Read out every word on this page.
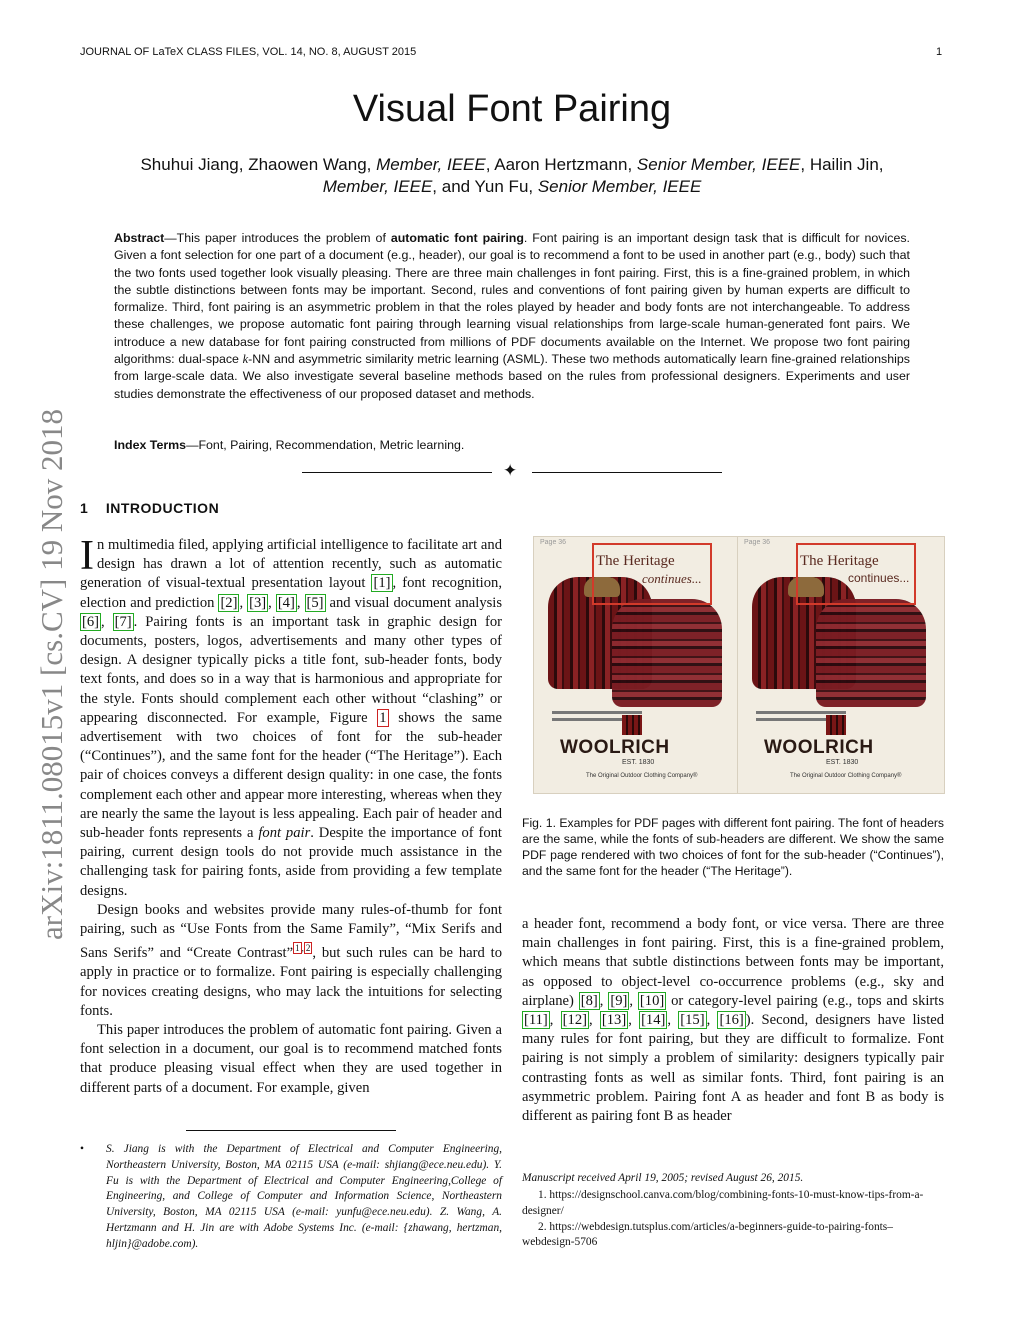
JOURNAL OF LaTeX CLASS FILES, VOL. 14, NO. 8, AUGUST 2015	1
Visual Font Pairing
Shuhui Jiang, Zhaowen Wang, Member, IEEE, Aaron Hertzmann, Senior Member, IEEE, Hailin Jin,
Member, IEEE, and Yun Fu, Senior Member, IEEE
Abstract—This paper introduces the problem of automatic font pairing. Font pairing is an important design task that is difficult for novices. Given a font selection for one part of a document (e.g., header), our goal is to recommend a font to be used in another part (e.g., body) such that the two fonts used together look visually pleasing. There are three main challenges in font pairing. First, this is a fine-grained problem, in which the subtle distinctions between fonts may be important. Second, rules and conventions of font pairing given by human experts are difficult to formalize. Third, font pairing is an asymmetric problem in that the roles played by header and body fonts are not interchangeable. To address these challenges, we propose automatic font pairing through learning visual relationships from large-scale human-generated font pairs. We introduce a new database for font pairing constructed from millions of PDF documents available on the Internet. We propose two font pairing algorithms: dual-space k-NN and asymmetric similarity metric learning (ASML). These two methods automatically learn fine-grained relationships from large-scale data. We also investigate several baseline methods based on the rules from professional designers. Experiments and user studies demonstrate the effectiveness of our proposed dataset and methods.
Index Terms—Font, Pairing, Recommendation, Metric learning.
✦
1 INTRODUCTION

In multimedia filed, applying artificial intelligence to facilitate art and design has drawn a lot of attention recently, such as automatic generation of visual-textual presentation layout [1] , font recognition, election and prediction [2] , [3] , [4] , [5] and visual document analysis [6] , [7] . Pairing fonts is an important task in graphic design for documents, posters, logos, advertisements and many other types of design. A designer typically picks a title font, sub-header fonts, body text fonts, and does so in a way that is harmonious and appropriate for the style. Fonts should complement each other without “clashing” or appearing disconnected. For example, Figure 1 shows the same advertisement with two choices of font for the sub-header (“Continues”), and the same font for the header (“The Heritage”). Each pair of choices conveys a different design quality: in one case, the fonts complement each other and appear more interesting, whereas when they are nearly the same the layout is less appealing. Each pair of header and sub-header fonts represents a font pair. Despite the importance of font pairing, current design tools do not provide much assistance in the challenging task for pairing fonts, aside from providing a few template designs.

Design books and websites provide many rules-of-thumb for font pairing, such as “Use Fonts from the Same Family”, “Mix Serifs and Sans Serifs” and “Create Contrast” $^1$ , $^2$ , but such rules can be hard to apply in practice or to formalize. Font pairing is especially challenging for novices creating designs, who may lack the intuitions for selecting fonts.

This paper introduces the problem of automatic font pairing. Given a font selection in a document, our goal is to recommend matched fonts that produce pleasing visual effect when they are used together in different parts of a document. For example, given

• S. Jiang is with the Department of Electrical and Computer Engineering, Northeastern University, Boston, MA 02115 USA (e-mail: shjiang@ece.neu.edu). Y. Fu is with the Department of Electrical and Computer Engineering,College of Engineering, and College of Computer and Information Science, Northeastern University, Boston, MA 02115 USA (e-mail: yunfu@ece.neu.edu). Z. Wang, A. Hertzmann and H. Jin are with Adobe Systems Inc. (e-mail: {zhawang, hertzman, hljin}@adobe.com).
Page 36
The Heritage
continues...
WOOLRICH
EST. 1830
The Original Outdoor Clothing Company®
Page 36
The Heritage
continues...
WOOLRICH
EST. 1830
The Original Outdoor Clothing Company®
Fig. 1. Examples for PDF pages with different font pairing. The font of headers are the same, while the fonts of sub-headers are different. We show the same PDF page rendered with two choices of font for the sub-header (“Continues”), and the same font for the header (“The Heritage”).
a header font, recommend a body font, or vice versa. There are three main challenges in font pairing. First, this is a fine-grained problem, which means that subtle distinctions between fonts may be important, as opposed to object-level co-occurrence problems (e.g., sky and airplane) [8] , [9] , [10] or category-level pairing (e.g., tops and skirts [11] , [12] , [13] , [14] , [15] , [16] ). Second, designers have listed many rules for font pairing, but they are difficult to formalize. Font pairing is not simply a problem of similarity: designers typically pair contrasting fonts as well as similar fonts. Third, font pairing is an asymmetric problem. Pairing font A as header and font B as body is different as pairing font B as header
Manuscript received April 19, 2005; revised August 26, 2015.

1. https://designschool.canva.com/blog/combining-fonts-10-must-know-tips-from-a-designer/

2. https://webdesign.tutsplus.com/articles/a-beginners-guide-to-pairing-fonts–webdesign-5706

arXiv:1811.08015v1 [cs.CV] 19 Nov 2018
